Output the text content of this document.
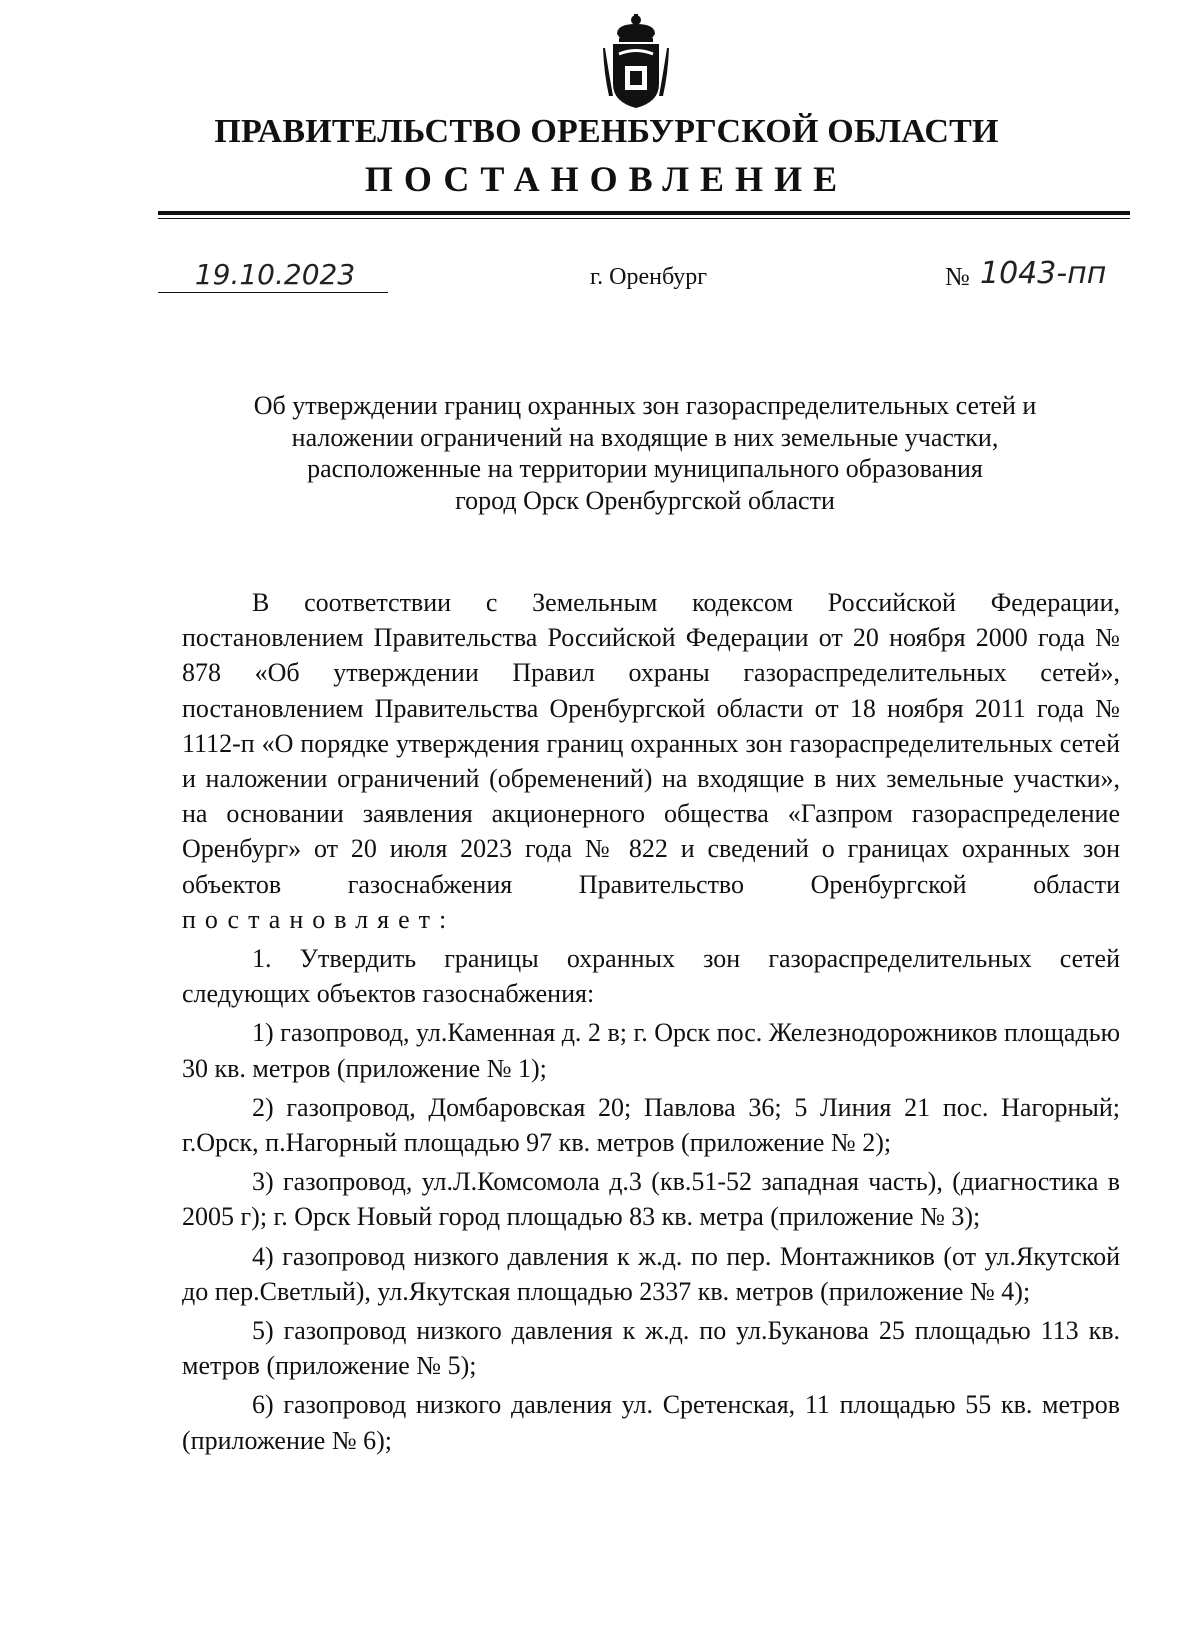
ПРАВИТЕЛЬСТВО ОРЕНБУРГСКОЙ ОБЛАСТИ
ПОСТАНОВЛЕНИЕ
19.10.2023	г. Оренбург	№ 1043-пп
Об утверждении границ охранных зон газораспределительных сетей и
наложении ограничений на входящие в них земельные участки,
расположенные на территории муниципального образования
город Орск Оренбургской области

В соответствии с Земельным кодексом Российской Федерации, постановлением Правительства Российской Федерации от 20 ноября 2000 года № 878 «Об утверждении Правил охраны газораспределительных сетей», постановлением Правительства Оренбургской области от 18 ноября 2011 года № 1112-п «О порядке утверждения границ охранных зон газораспределительных сетей и наложении ограничений (обременений) на входящие в них земельные участки», на основании заявления акционерного общества «Газпром газораспределение Оренбург» от 20 июля 2023 года № 822 и сведений о границах охранных зон объектов газоснабжения Правительство Оренбургской области постановляет:

1. Утвердить границы охранных зон газораспределительных сетей следующих объектов газоснабжения:

1) газопровод, ул.Каменная д. 2 в; г. Орск пос. Железнодорожников площадью 30 кв. метров (приложение № 1);

2) газопровод, Домбаровская 20; Павлова 36; 5 Линия 21 пос. Нагорный; г.Орск, п.Нагорный площадью 97 кв. метров (приложение № 2);

3) газопровод, ул.Л.Комсомола д.3 (кв.51-52 западная часть), (диагностика в 2005 г); г. Орск Новый город площадью 83 кв. метра (приложение № 3);

4) газопровод низкого давления к ж.д. по пер. Монтажников (от ул.Якутской до пер.Светлый), ул.Якутская площадью 2337 кв. метров (приложение № 4);

5) газопровод низкого давления к ж.д. по ул.Буканова 25 площадью 113 кв. метров (приложение № 5);

6) газопровод низкого давления ул. Сретенская, 11 площадью 55 кв. метров (приложение № 6);
